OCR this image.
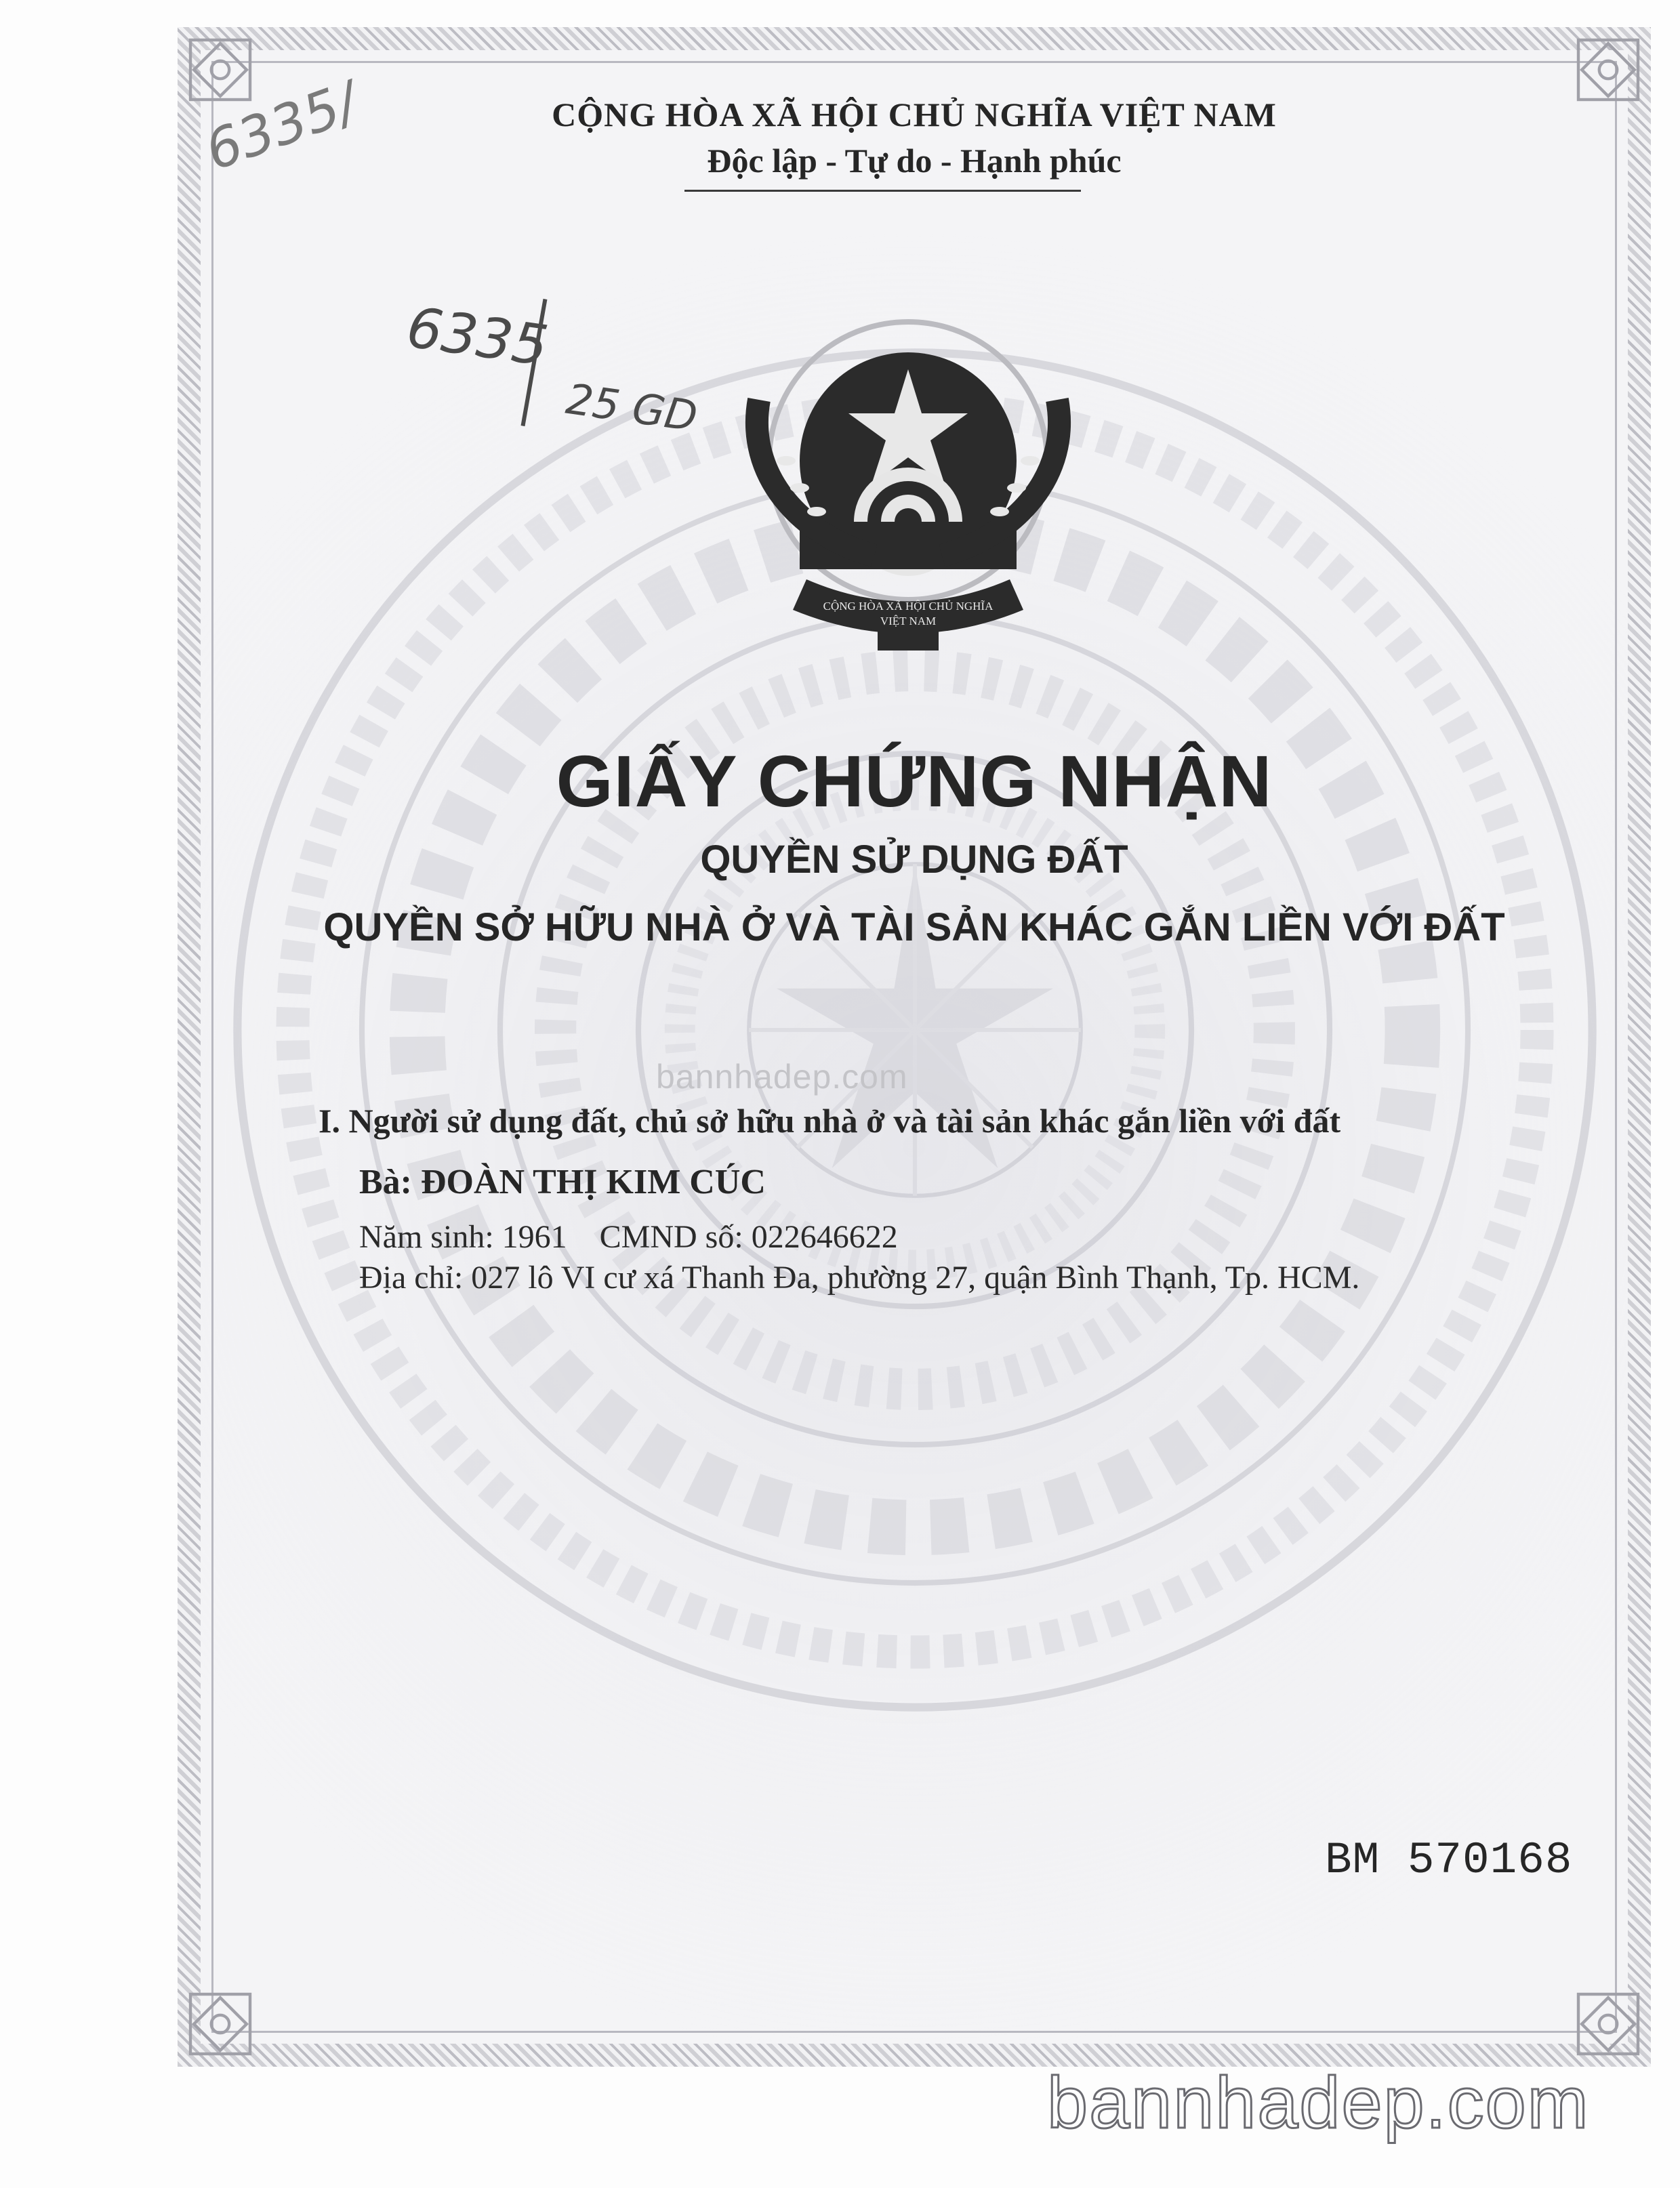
CỘNG HÒA XÃ HỘI CHỦ NGHĨA VIỆT NAM
Độc lập - Tự do - Hạnh phúc
CỘNG HÒA XÃ HỘI CHỦ NGHĨA
VIỆT NAM
GIẤY CHỨNG NHẬN
QUYỀN SỬ DỤNG ĐẤT
QUYỀN SỞ HỮU NHÀ Ở VÀ TÀI SẢN KHÁC GẮN LIỀN VỚI ĐẤT
bannhadep.com
I. Người sử dụng đất, chủ sở hữu nhà ở và tài sản khác gắn liền với đất
Bà: ĐOÀN THỊ KIM CÚC
Năm sinh: 1961    CMND số: 022646622
Địa chỉ: 027 lô VI cư xá Thanh Đa, phường 27, quận Bình Thạnh, Tp. HCM.
BM 570168
6335/
6335
25 GD
bannhadep.com
